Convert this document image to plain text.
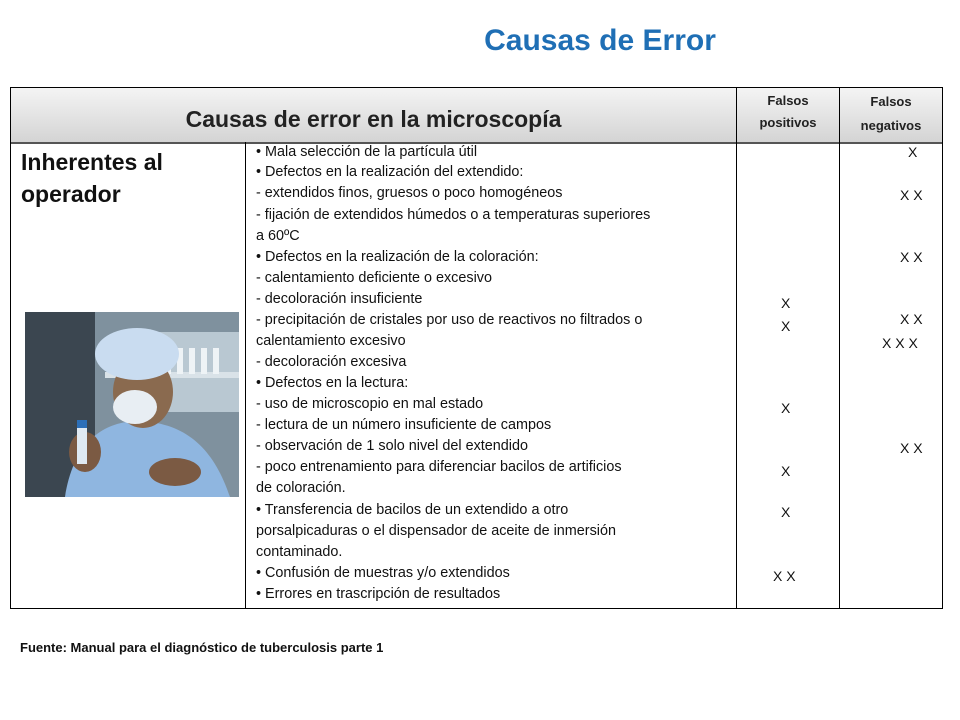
Causas de Error
Causas de error en la microscopía
Falsos
positivos
Falsos
negativos
Inherentes al
operador
• Mala selección de la partícula útil
• Defectos en la realización del extendido:
- extendidos finos, gruesos o poco homogéneos
- fijación de extendidos húmedos o a temperaturas superiores
a 60ºC
• Defectos en la realización de la coloración:
- calentamiento deficiente o excesivo
- decoloración insuficiente
- precipitación de cristales por uso de reactivos no filtrados o
calentamiento excesivo
- decoloración excesiva
• Defectos en la lectura:
- uso de microscopio en mal estado
- lectura de un número insuficiente de campos
- observación de 1 solo nivel del extendido
- poco entrenamiento para diferenciar bacilos de artificios
de coloración.
• Transferencia de bacilos de un extendido a otro
porsalpicaduras o el dispensador de aceite de inmersión
contaminado.
• Confusión de muestras y/o extendidos
• Errores en trascripción de resultados
X
X
X
X
X
X X
X
X X
X X
X X
X X X
X X
Fuente: Manual para el diagnóstico de tuberculosis parte 1
